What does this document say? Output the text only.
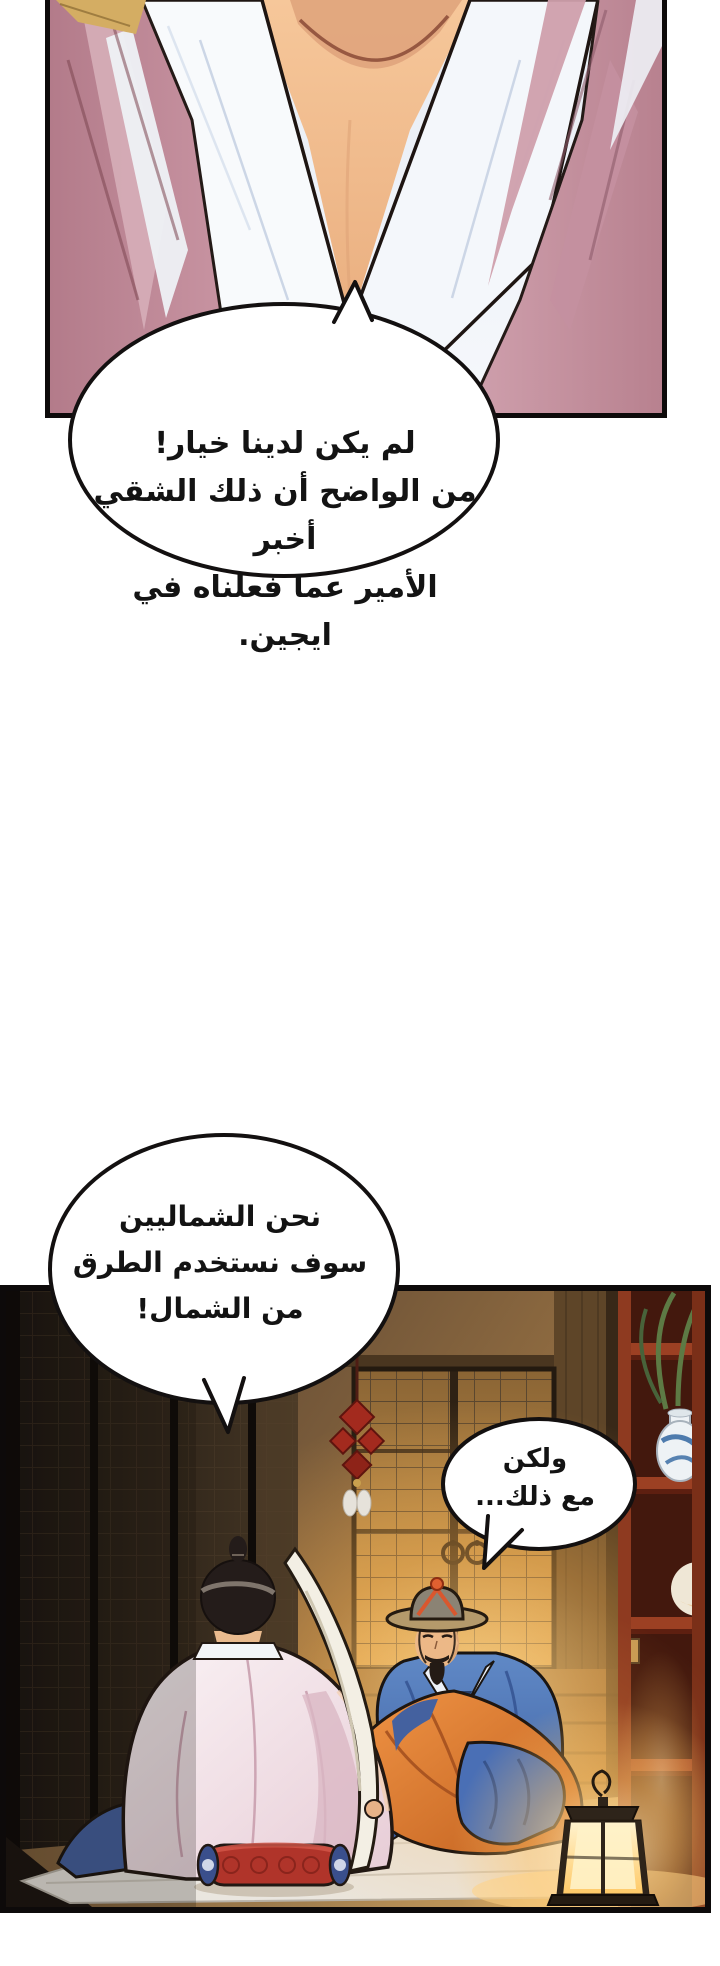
لم يكن لدينا خيار!
من الواضح أن ذلك الشقي أخبر
الأمير عما فعلناه في ايجين.
نحن الشماليين
سوف نستخدم الطرق
من الشمال!
ولكن
مع ذلك...
